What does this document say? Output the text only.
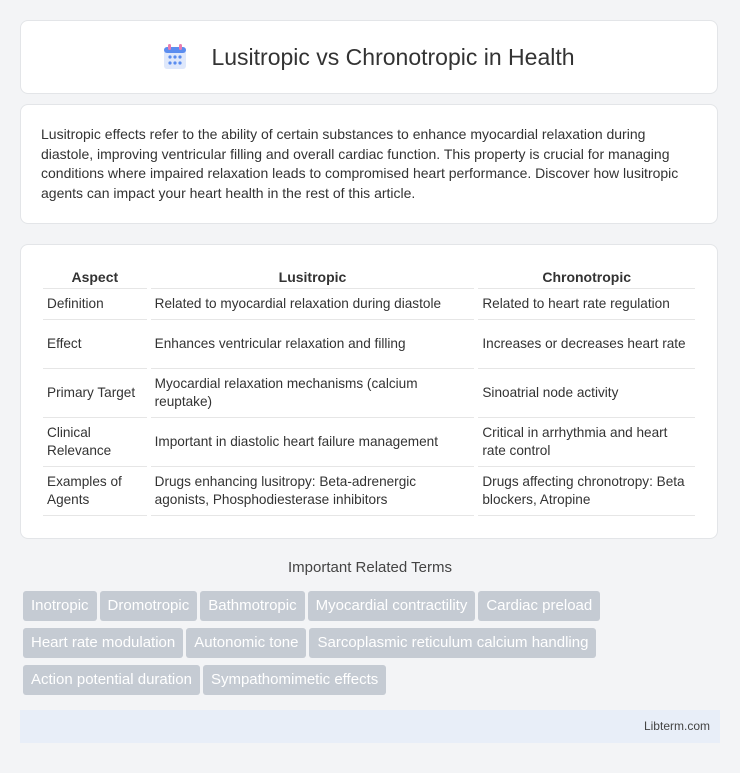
Lusitropic vs Chronotropic in Health

Lusitropic effects refer to the ability of certain substances to enhance myocardial relaxation during diastole, improving ventricular filling and overall cardiac function. This property is crucial for managing conditions where impaired relaxation leads to compromised heart performance. Discover how lusitropic agents can impact your heart health in the rest of this article.

Aspect	Lusitropic	Chronotropic
Definition	Related to myocardial relaxation during diastole	Related to heart rate regulation
Effect	Enhances ventricular relaxation and filling	Increases or decreases heart rate
Primary Target	Myocardial relaxation mechanisms (calcium reuptake)	Sinoatrial node activity
Clinical Relevance	Important in diastolic heart failure management	Critical in arrhythmia and heart rate control
Examples of Agents	Drugs enhancing lusitropy: Beta-adrenergic agonists, Phosphodiesterase inhibitors	Drugs affecting chronotropy: Beta blockers, Atropine
Important Related Terms
Inotropic Dromotropic Bathmotropic Myocardial contractility Cardiac preloadHeart rate modulation Autonomic tone Sarcoplasmic reticulum calcium handlingAction potential duration Sympathomimetic effects
Libterm.com
